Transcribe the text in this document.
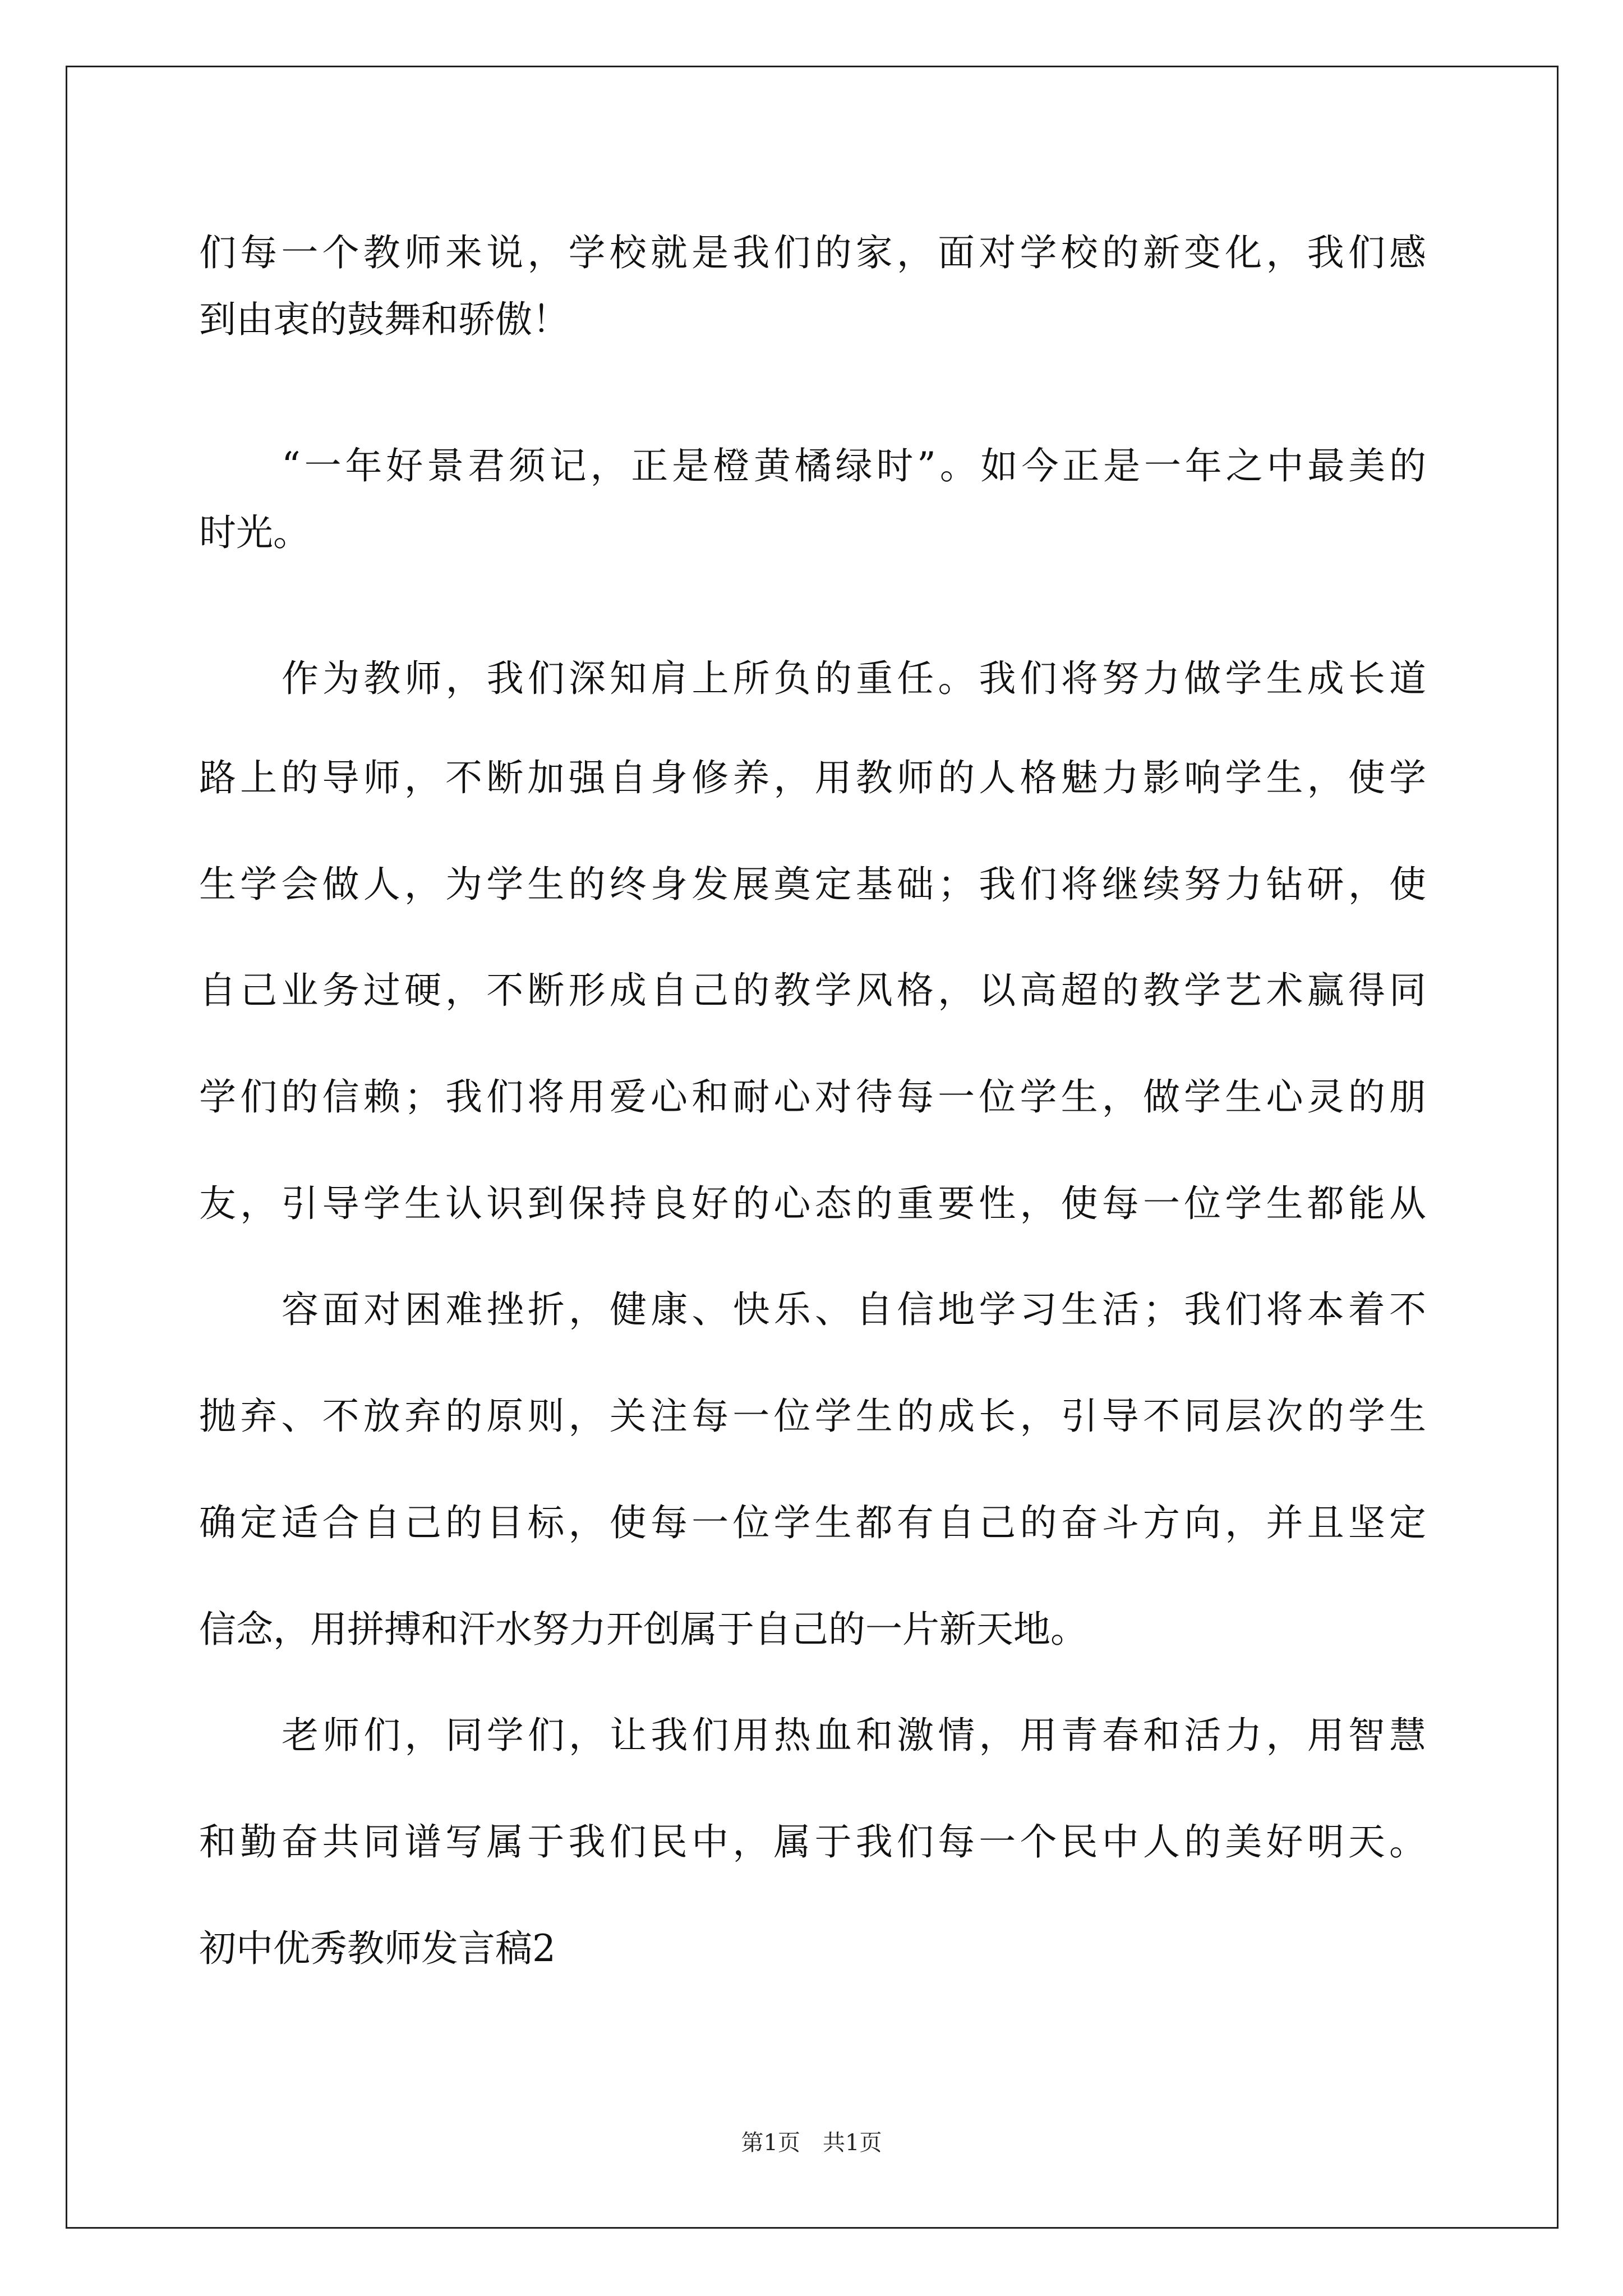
们每一个教师来说，学校就是我们的家，面对学校的新变化，我们感
到由衷的鼓舞和骄傲！
“一年好景君须记，正是橙黄橘绿时”。如今正是一年之中最美的
时光。
作为教师，我们深知肩上所负的重任。我们将努力做学生成长道
路上的导师，不断加强自身修养，用教师的人格魅力影响学生，使学
生学会做人，为学生的终身发展奠定基础；我们将继续努力钻研，使
自己业务过硬，不断形成自己的教学风格，以高超的教学艺术赢得同
学们的信赖；我们将用爱心和耐心对待每一位学生，做学生心灵的朋
友，引导学生认识到保持良好的心态的重要性，使每一位学生都能从
容面对困难挫折，健康、快乐、自信地学习生活；我们将本着不
抛弃、不放弃的原则，关注每一位学生的成长，引导不同层次的学生
确定适合自己的目标，使每一位学生都有自己的奋斗方向，并且坚定
信念，用拼搏和汗水努力开创属于自己的一片新天地。
老师们，同学们，让我们用热血和激情，用青春和活力，用智慧
和勤奋共同谱写属于我们民中，属于我们每一个民中人的美好明天。
初中优秀教师发言稿2
第1页　共1页
